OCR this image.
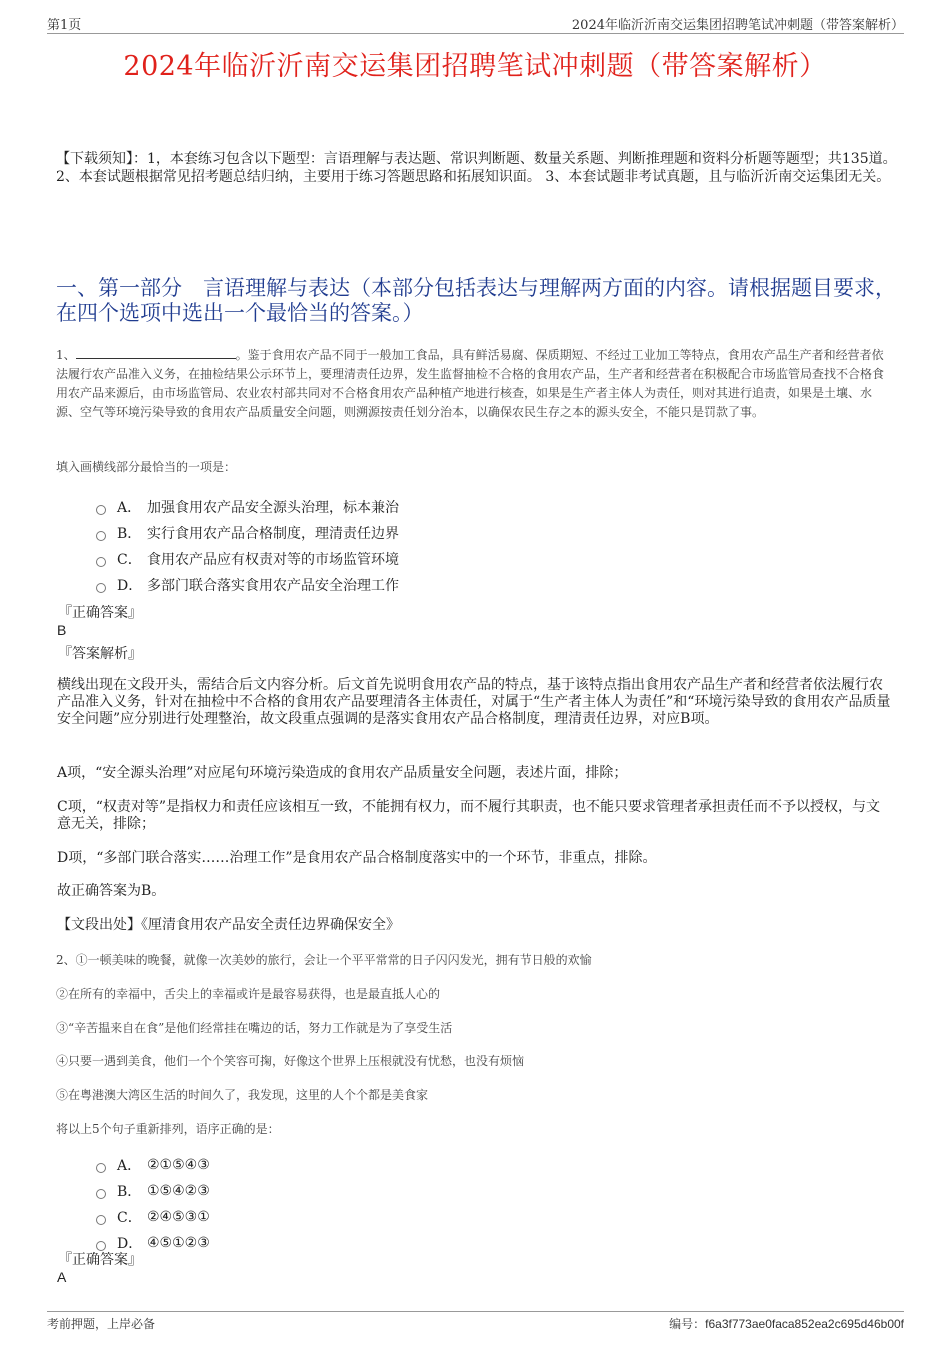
第1页	2024年临沂沂南交运集团招聘笔试冲刺题（带答案解析）
2024年临沂沂南交运集团招聘笔试冲刺题（带答案解析）
【下载须知】：1，本套练习包含以下题型：言语理解与表达题、常识判断题、数量关系题、判断推理题和资料分析题等题型；共135道。 2、本套试题根据常见招考题总结归纳，主要用于练习答题思路和拓展知识面。 3、本套试题非考试真题，且与临沂沂南交运集团无关。
一、第一部分　言语理解与表达（本部分包括表达与理解两方面的内容。请根据题目要求，在四个选项中选出一个最恰当的答案。）
1、	。鉴于食用农产品不同于一般加工食品，具有鲜活易腐、保质期短、不经过工业加工等特点，食用农产品生产者和经营者依法履行农产品准入义务，在抽检结果公示环节上，要理清责任边界，发生监督抽检不合格的食用农产品，生产者和经营者在积极配合市场监管局查找不合格食用农产品来源后，由市场监管局、农业农村部共同对不合格食用农产品种植产地进行核查，如果是生产者主体人为责任，则对其进行追责，如果是土壤、水源、空气等环境污染导致的食用农产品质量安全问题，则溯源按责任划分治本，以确保农民生存之本的源头安全，不能只是罚款了事。
填入画横线部分最恰当的一项是：
A． 加强食用农产品安全源头治理，标本兼治
B． 实行食用农产品合格制度，理清责任边界
C． 食用农产品应有权责对等的市场监管环境
D． 多部门联合落实食用农产品安全治理工作
『正确答案』
B
『答案解析』
横线出现在文段开头，需结合后文内容分析。后文首先说明食用农产品的特点，基于该特点指出食用农产品生产者和经营者依法履行农产品准入义务，针对在抽检中不合格的食用农产品要理清各主体责任，对属于“生产者主体人为责任”和“环境污染导致的食用农产品质量安全问题”应分别进行处理整治，故文段重点强调的是落实食用农产品合格制度，理清责任边界，对应B项。
A项，“安全源头治理”对应尾句环境污染造成的食用农产品质量安全问题，表述片面，排除；
C项，“权责对等”是指权力和责任应该相互一致，不能拥有权力，而不履行其职责，也不能只要求管理者承担责任而不予以授权，与文意无关，排除；
D项，“多部门联合落实……治理工作”是食用农产品合格制度落实中的一个环节，非重点，排除。
故正确答案为B。
【文段出处】《厘清食用农产品安全责任边界确保安全》
2、①一顿美味的晚餐，就像一次美妙的旅行，会让一个平平常常的日子闪闪发光，拥有节日般的欢愉
②在所有的幸福中，舌尖上的幸福或许是最容易获得，也是最直抵人心的
③“辛苦揾来自在食”是他们经常挂在嘴边的话，努力工作就是为了享受生活
④只要一遇到美食，他们一个个笑容可掬，好像这个世界上压根就没有忧愁，也没有烦恼
⑤在粤港澳大湾区生活的时间久了，我发现，这里的人个个都是美食家
将以上5个句子重新排列，语序正确的是：
A． ②①⑤④③
B． ①⑤④②③
C． ②④⑤③①
D． ④⑤①②③
『正确答案』
A
考前押题，上岸必备	编号：f6a3f773ae0faca852ea2c695d46b00f
